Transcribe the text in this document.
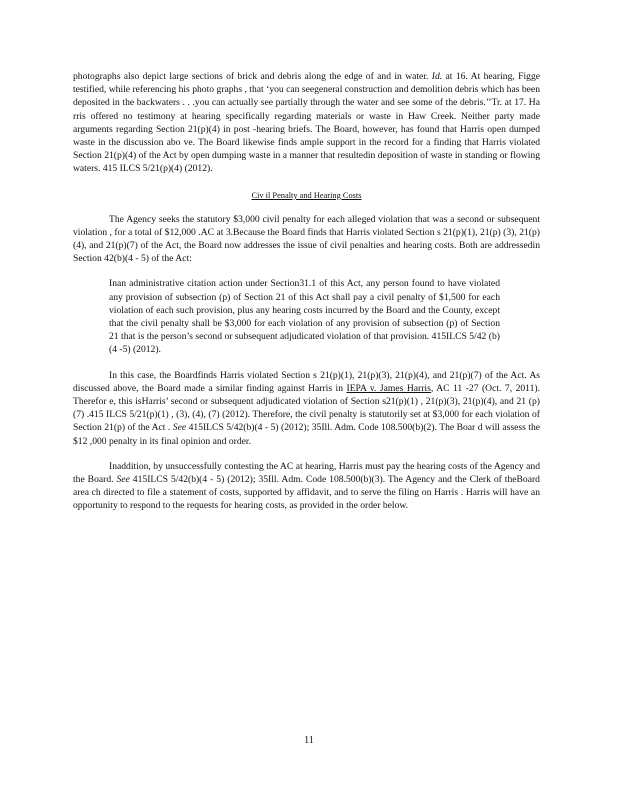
photographs also depict large sections of brick and debris along the edge of and in water. Id. at 16. At hearing, Figge testified, while referencing his photo graphs , that ‘you can seegeneral construction and demolition debris which has been deposited in the backwaters . . .you can actually see partially through the water and see some of the debris.’’Tr. at 17. Ha rris offered no testimony at hearing specifically regarding materials or waste in Haw Creek. Neither party made arguments regarding Section 21(p)(4) in post -hearing briefs. The Board, however, has found that Harris open dumped waste in the discussion abo ve. The Board likewise finds ample support in the record for a finding that Harris violated Section 21(p)(4) of the Act by open dumping waste in a manner that resultedin deposition of waste in standing or flowing waters. 415 ILCS 5/21(p)(4) (2012).

Civ il Penalty and Hearing Costs

The Agency seeks the statutory $3,000 civil penalty for each alleged violation that was a second or subsequent violation , for a total of $12,000 .AC at 3.Because the Board finds that Harris violated Section s 21(p)(1), 21(p) (3), 21(p)(4), and 21(p)(7) of the Act, the Board now addresses the issue of civil penalties and hearing costs. Both are addressedin Section 42(b)(4 - 5) of the Act:

Inan administrative citation action under Section31.1 of this Act, any person found to have violated any provision of subsection (p) of Section 21 of this Act shall pay a civil penalty of $1,500 for each violation of each such provision, plus any hearing costs incurred by the Board and the County, except that the civil penalty shall be $3,000 for each violation of any provision of subsection (p) of Section 21 that is the person’s second or subsequent adjudicated violation of that provision. 415ILCS 5/42 (b)(4 -5) (2012).

In this case, the Boardfinds Harris violated Section s 21(p)(1), 21(p)(3), 21(p)(4), and 21(p)(7) of the Act. As discussed above, the Board made a similar finding against Harris in IEPA v. James Harris, AC 11 -27 (Oct. 7, 2011). Therefor e, this isHarris’ second or subsequent adjudicated violation of Section s21(p)(1) , 21(p)(3), 21(p)(4), and 21 (p)(7) .415 ILCS 5/21(p)(1) , (3), (4), (7) (2012). Therefore, the civil penalty is statutorily set at $3,000 for each violation of Section 21(p) of the Act . See 415ILCS 5/42(b)(4 - 5) (2012); 35Ill. Adm. Code 108.500(b)(2). The Boar d will assess the $12 ,000 penalty in its final opinion and order.

Inaddition, by unsuccessfully contesting the AC at hearing, Harris must pay the hearing costs of the Agency and the Board. See 415ILCS 5/42(b)(4 - 5) (2012); 35Ill. Adm. Code 108.500(b)(3). The Agency and the Clerk of theBoard area ch directed to file a statement of costs, supported by affidavit, and to serve the filing on Harris . Harris will have an opportunity to respond to the requests for hearing costs, as provided in the order below.

11
